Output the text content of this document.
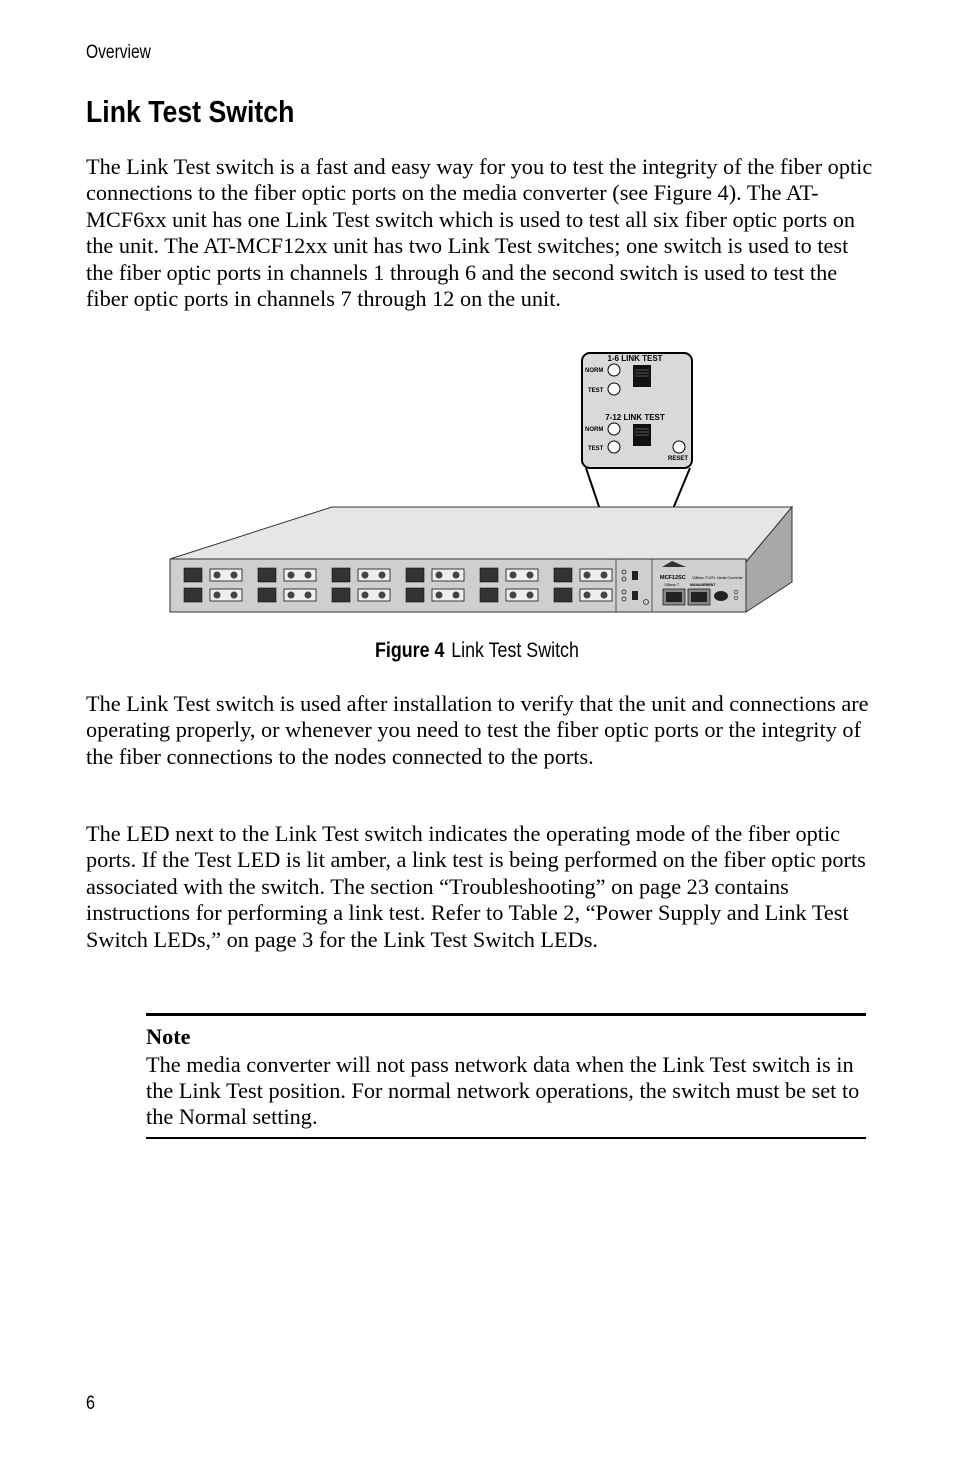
Overview
Link Test Switch

The Link Test switch is a fast and easy way for you to test the integrity of the fiber optic connections to the fiber optic ports on the media converter (see Figure 4). The AT-MCF6xx unit has one Link Test switch which is used to test all six fiber optic ports on the unit. The AT-MCF12xx unit has two Link Test switches; one switch is used to test the fiber optic ports in channels 1 through 6 and the second switch is used to test the fiber optic ports in channels 7 through 12 on the unit.

MCF12SC 10Base-T/10FL Media Converter
10Base-T	MANAGEMENT
1-6 LINK TEST
NORM
TEST
7-12 LINK TEST
NORM
TEST
RESET
Figure 4 Link Test Switch

The Link Test switch is used after installation to verify that the unit and connections are operating properly, or whenever you need to test the fiber optic ports or the integrity of the fiber connections to the nodes connected to the ports.

The LED next to the Link Test switch indicates the operating mode of the fiber optic ports. If the Test LED is lit amber, a link test is being performed on the fiber optic ports associated with the switch. The section “Troubleshooting” on page 23 contains instructions for performing a link test. Refer to Table 2, “Power Supply and Link Test Switch LEDs,” on page 3 for the Link Test Switch LEDs.

Note

The media converter will not pass network data when the Link Test switch is in the Link Test position. For normal network operations, the switch must be set to the Normal setting.

6
